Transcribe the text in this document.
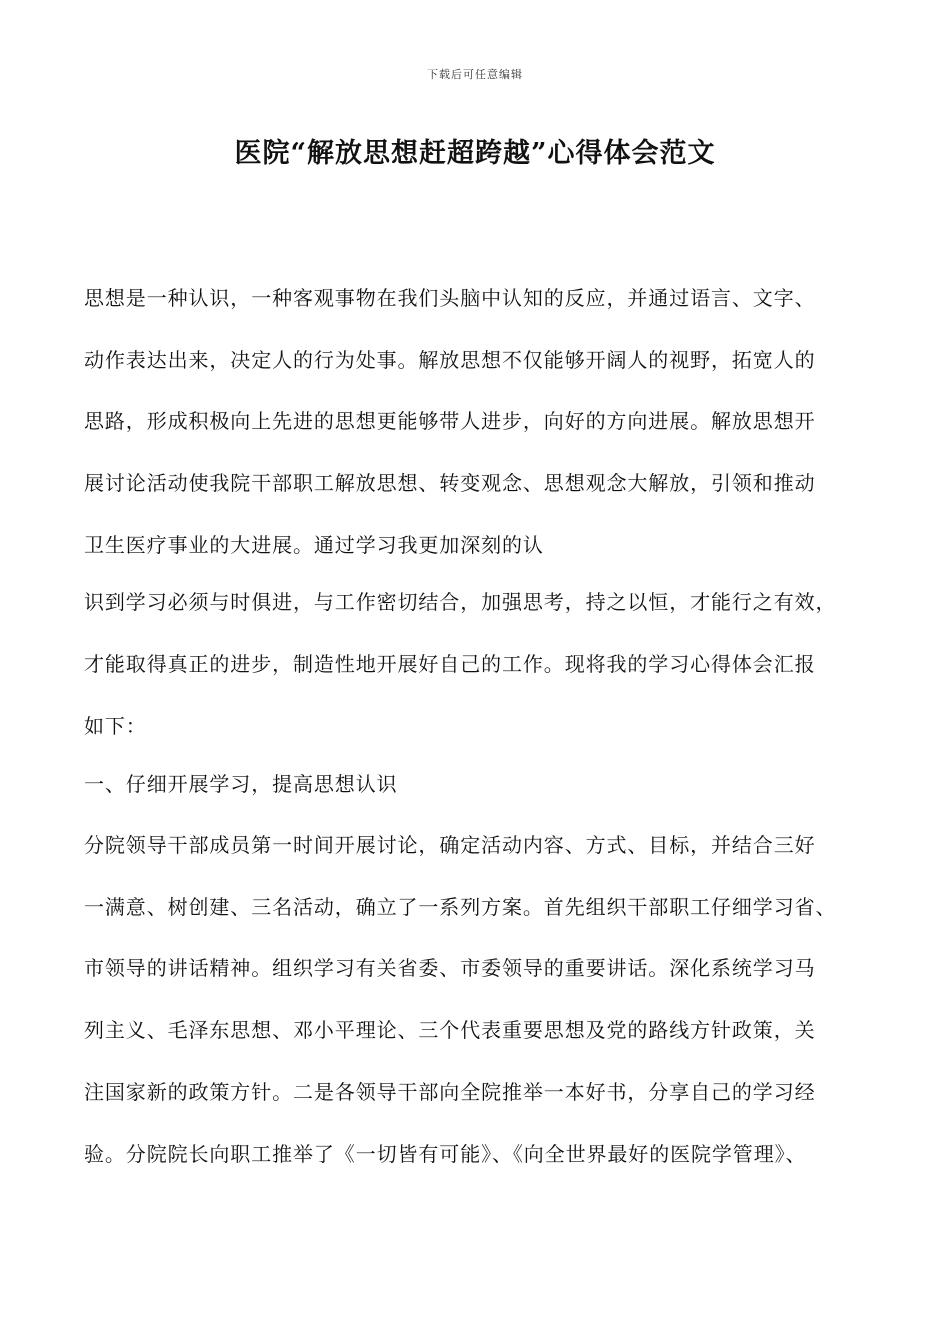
下载后可任意编辑
医院“解放思想赶超跨越”心得体会范文
思想是一种认识，一种客观事物在我们头脑中认知的反应，并通过语言、文字、
动作表达出来，决定人的行为处事。解放思想不仅能够开阔人的视野，拓宽人的
思路，形成积极向上先进的思想更能够带人进步，向好的方向进展。解放思想开
展讨论活动使我院干部职工解放思想、转变观念、思想观念大解放，引领和推动
卫生医疗事业的大进展。通过学习我更加深刻的认
识到学习必须与时俱进，与工作密切结合，加强思考，持之以恒，才能行之有效，
才能取得真正的进步，制造性地开展好自己的工作。现将我的学习心得体会汇报
如下：
一、仔细开展学习，提高思想认识
分院领导干部成员第一时间开展讨论，确定活动内容、方式、目标，并结合三好
一满意、树创建、三名活动，确立了一系列方案。首先组织干部职工仔细学习省、
市领导的讲话精神。组织学习有关省委、市委领导的重要讲话。深化系统学习马
列主义、毛泽东思想、邓小平理论、三个代表重要思想及党的路线方针政策，关
注国家新的政策方针。二是各领导干部向全院推举一本好书，分享自己的学习经
验。分院院长向职工推举了《一切皆有可能》、《向全世界最好的医院学管理》、
